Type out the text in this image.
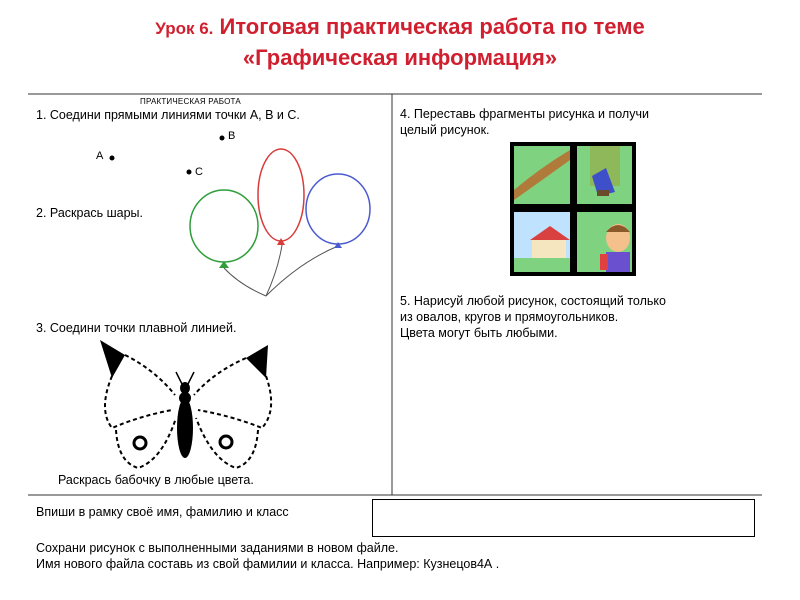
Урок 6. Итоговая практическая работа по теме
«Графическая информация»
ПРАКТИЧЕСКАЯ РАБОТА
1. Соедини прямыми линиями точки А, В и С.
А
В
С
2. Раскрась шары.
3. Соедини точки плавной линией.
Раскрась бабочку в любые цвета.
4. Переставь фрагменты рисунка и получи
целый рисунок.
5. Нарисуй любой рисунок, состоящий только
из овалов, кругов и прямоугольников.
Цвета могут быть любыми.
Впиши в рамку своё имя, фамилию и класс
Сохрани рисунок с выполненными заданиями в новом файле.
Имя нового файла составь из свой фамилии и класса. Например: Кузнецов4А .
